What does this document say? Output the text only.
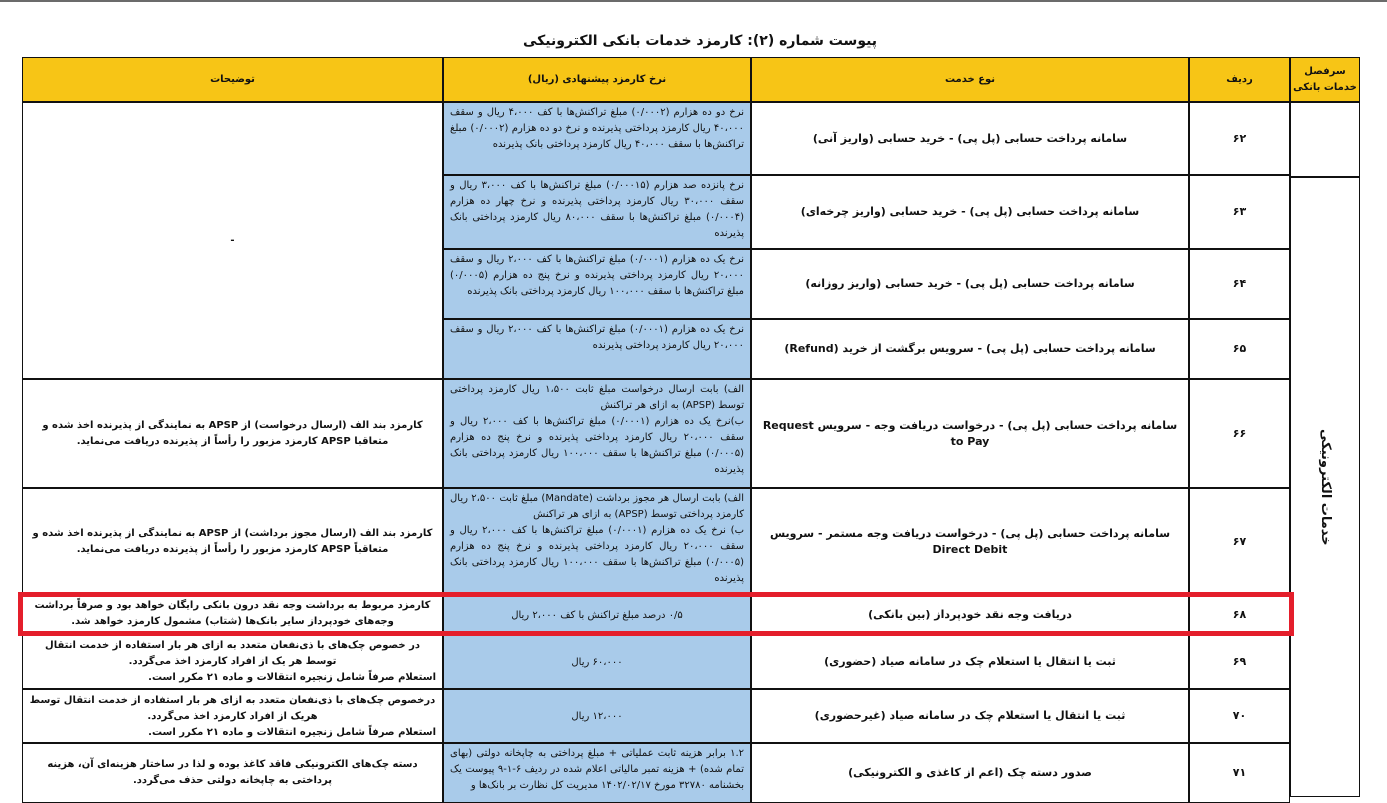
پیوست شماره (۲): کارمزد خدمات بانکی الکترونیکی
سرفصل خدمات بانکی
ردیف
نوع خدمت
نرخ کارمزد پیشنهادی (ریال)
توضیحات
خدمات الکترونیکی
۶۲
سامانه پرداخت حسابی (پل پی) - خرید حسابی (واریز آنی)
نرخ دو ده هزارم (۰/۰۰۰۲) مبلغ تراکنش‌ها با کف ۴،۰۰۰ ریال و سقف ۴۰،۰۰۰ ریال کارمزد پرداختی پذیرنده و نرخ دو ده هزارم (۰/۰۰۰۲) مبلغ تراکنش‌ها با سقف ۴۰،۰۰۰ ریال کارمزد پرداختی بانک پذیرنده
۶۳
سامانه پرداخت حسابی (پل پی) - خرید حسابی (واریز چرخه‌ای)
نرخ پانزده صد هزارم (۰/۰۰۰۱۵) مبلغ تراکنش‌ها با کف ۳،۰۰۰ ریال و سقف ۳۰،۰۰۰ ریال کارمزد پرداختی پذیرنده و نرخ چهار ده هزارم (۰/۰۰۰۴) مبلغ تراکنش‌ها با سقف ۸۰،۰۰۰ ریال کارمزد پرداختی بانک پذیرنده
۶۴
سامانه پرداخت حسابی (پل پی) - خرید حسابی (واریز روزانه)
نرخ یک ده هزارم (۰/۰۰۰۱) مبلغ تراکنش‌ها با کف ۲،۰۰۰ ریال و سقف ۲۰،۰۰۰ ریال کارمزد پرداختی پذیرنده و نرخ پنج ده هزارم (۰/۰۰۰۵) مبلغ تراکنش‌ها با سقف ۱۰۰،۰۰۰ ریال کارمزد پرداختی بانک پذیرنده
۶۵
سامانه پرداخت حسابی (پل پی) - سرویس برگشت از خرید (Refund)
نرخ یک ده هزارم (۰/۰۰۰۱) مبلغ تراکنش‌ها با کف ۲،۰۰۰ ریال و سقف ۲۰،۰۰۰ ریال کارمزد پرداختی پذیرنده
-
۶۶
سامانه پرداخت حسابی (پل پی) - درخواست دریافت وجه - سرویس Request to Pay
الف) بابت ارسال درخواست مبلغ ثابت ۱،۵۰۰ ریال کارمزد پرداختی توسط (APSP) به ازای هر تراکنش
ب)نرخ یک ده هزارم (۰/۰۰۰۱) مبلغ تراکنش‌ها با کف ۲،۰۰۰ ریال و سقف ۲۰،۰۰۰ ریال کارمزد پرداختی پذیرنده و نرخ پنج ده هزارم (۰/۰۰۰۵) مبلغ تراکنش‌ها با سقف ۱۰۰،۰۰۰ ریال کارمزد پرداختی بانک پذیرنده
کارمزد بند الف (ارسال درخواست) از APSP به نمایندگی از پذیرنده اخذ شده و متعاقبا APSP کارمزد مزبور را رأساً از پذیرنده دریافت می‌نماید.
۶۷
سامانه پرداخت حسابی (پل پی) - درخواست دریافت وجه مستمر - سرویس Direct Debit
الف) بابت ارسال هر مجوز برداشت (Mandate) مبلغ ثابت ۲،۵۰۰ ریال کارمزد پرداختی توسط (APSP) به ازای هر تراکنش
ب) نرخ یک ده هزارم (۰/۰۰۰۱) مبلغ تراکنش‌ها با کف ۲،۰۰۰ ریال و سقف ۲۰،۰۰۰ ریال کارمزد پرداختی پذیرنده و نرخ پنج ده هزارم (۰/۰۰۰۵) مبلغ تراکنش‌ها با سقف ۱۰۰،۰۰۰ ریال کارمزد پرداختی بانک پذیرنده
کارمزد بند الف (ارسال مجوز برداشت) از APSP به نمایندگی از پذیرنده اخذ شده و متعاقباً APSP کارمزد مزبور را رأساً از پذیرنده دریافت می‌نماید.
۶۸
دریافت وجه نقد خودپرداز (بین بانکی)
۰/۵ درصد مبلغ تراکنش با کف ۲،۰۰۰ ریال
کارمزد مربوط به برداشت وجه نقد درون بانکی رایگان خواهد بود و صرفاً برداشت وجه‌های خودپرداز سایر بانک‌ها (شتاب) مشمول کارمزد خواهد شد.
۶۹
ثبت یا انتقال یا استعلام چک در سامانه صیاد (حضوری)
۶۰،۰۰۰ ریال
در خصوص چک‌های با ذی‌نفعان متعدد به ازای هر بار استفاده از خدمت انتقال توسط هر یک از افراد کارمزد اخذ می‌گردد.
استعلام صرفاً شامل زنجیره انتقالات و ماده ۲۱ مکرر است.
۷۰
ثبت یا انتقال یا استعلام چک در سامانه صیاد (غیرحضوری)
۱۲،۰۰۰ ریال
درخصوص چک‌های با ذی‌نفعان متعدد به ازای هر بار استفاده از خدمت انتقال توسط هریک از افراد کارمزد اخذ می‌گردد.
استعلام صرفاً شامل زنجیره انتقالات و ماده ۲۱ مکرر است.
۷۱
صدور دسته چک (اعم از کاغذی و الکترونیکی)
۱.۲ برابر هزینه ثابت عملیاتی + مبلغ پرداختی به چاپخانه دولتی (بهای تمام شده) + هزینه تمبر مالیاتی اعلام شده در ردیف ۶-۱-۹ پیوست یک بخشنامه ۳۲۷۸۰ مورخ ۱۴۰۲/۰۲/۱۷ مدیریت کل نظارت بر بانک‌ها و
دسته چک‌های الکترونیکی فاقد کاغذ بوده و لذا در ساختار هزینه‌ای آن، هزینه پرداختی به چاپخانه دولتی حذف می‌گردد.
